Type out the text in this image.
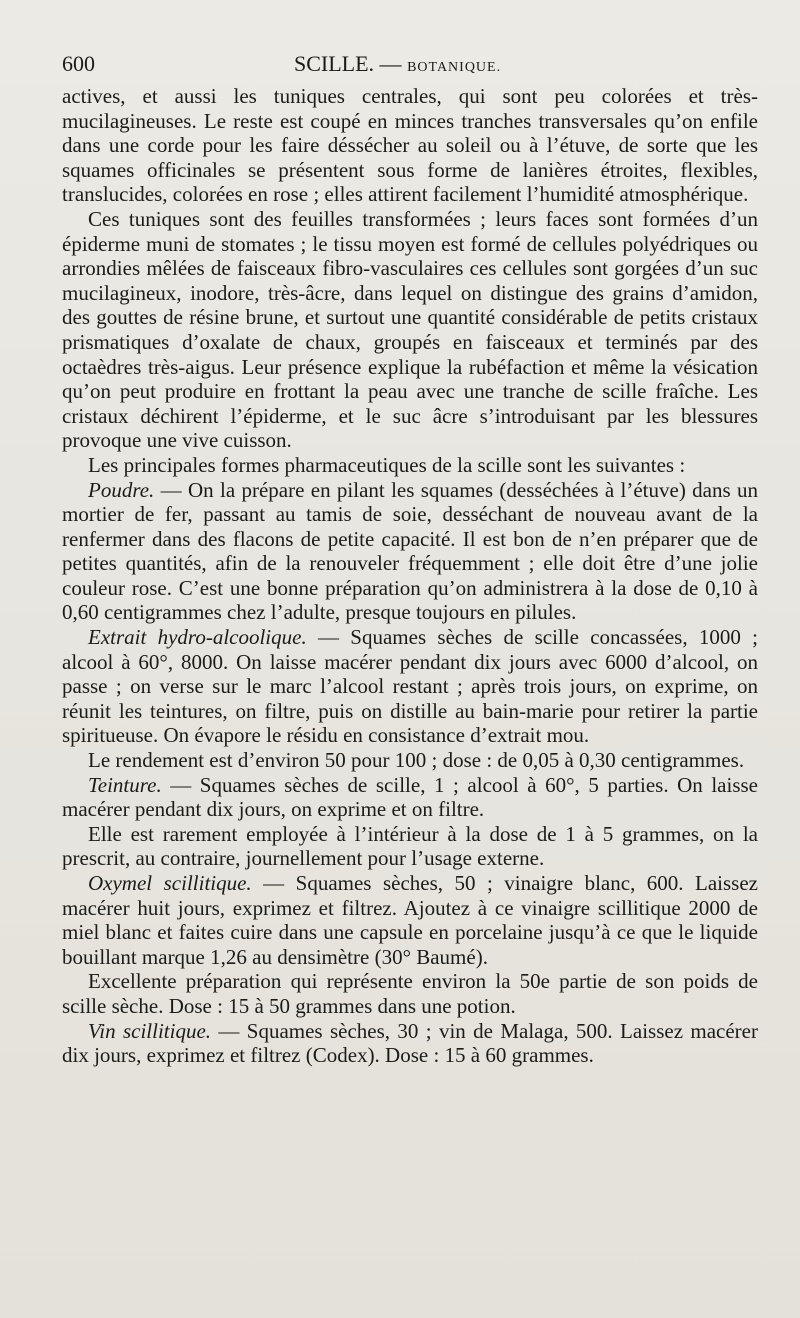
600	SCILLE. — BOTANIQUE.

actives, et aussi les tuniques centrales, qui sont peu colorées et très-mucilagineuses. Le reste est coupé en minces tranches transversales qu’on enfile dans une corde pour les faire déssécher au soleil ou à l’étuve, de sorte que les squames officinales se présentent sous forme de lanières étroites, flexibles, translucides, colorées en rose ; elles attirent facilement l’humidité atmosphérique.

Ces tuniques sont des feuilles transformées ; leurs faces sont formées d’un épiderme muni de stomates ; le tissu moyen est formé de cellules polyédriques ou arrondies mêlées de faisceaux fibro-vasculaires ces cellules sont gorgées d’un suc mucilagineux, inodore, très-âcre, dans lequel on distingue des grains d’amidon, des gouttes de résine brune, et surtout une quantité considérable de petits cristaux prismatiques d’oxalate de chaux, groupés en faisceaux et terminés par des octaèdres très-aigus. Leur présence explique la rubéfaction et même la vésication qu’on peut produire en frottant la peau avec une tranche de scille fraîche. Les cristaux déchirent l’épiderme, et le suc âcre s’introduisant par les blessures provoque une vive cuisson.

Les principales formes pharmaceutiques de la scille sont les suivantes :

Poudre. — On la prépare en pilant les squames (desséchées à l’étuve) dans un mortier de fer, passant au tamis de soie, desséchant de nouveau avant de la renfermer dans des flacons de petite capacité. Il est bon de n’en préparer que de petites quantités, afin de la renouveler fréquemment ; elle doit être d’une jolie couleur rose. C’est une bonne préparation qu’on administrera à la dose de 0,10 à 0,60 centigrammes chez l’adulte, presque toujours en pilules.

Extrait hydro-alcoolique. — Squames sèches de scille concassées, 1000 ; alcool à 60°, 8000. On laisse macérer pendant dix jours avec 6000 d’alcool, on passe ; on verse sur le marc l’alcool restant ; après trois jours, on exprime, on réunit les teintures, on filtre, puis on distille au bain-marie pour retirer la partie spiritueuse. On évapore le résidu en consistance d’extrait mou.

Le rendement est d’environ 50 pour 100 ; dose : de 0,05 à 0,30 centigrammes.

Teinture. — Squames sèches de scille, 1 ; alcool à 60°, 5 parties. On laisse macérer pendant dix jours, on exprime et on filtre.

Elle est rarement employée à l’intérieur à la dose de 1 à 5 grammes, on la prescrit, au contraire, journellement pour l’usage externe.

Oxymel scillitique. — Squames sèches, 50 ; vinaigre blanc, 600. Laissez macérer huit jours, exprimez et filtrez. Ajoutez à ce vinaigre scillitique 2000 de miel blanc et faites cuire dans une capsule en porcelaine jusqu’à ce que le liquide bouillant marque 1,26 au densimètre (30° Baumé).

Excellente préparation qui représente environ la 50e partie de son poids de scille sèche. Dose : 15 à 50 grammes dans une potion.

Vin scillitique. — Squames sèches, 30 ; vin de Malaga, 500. Laissez macérer dix jours, exprimez et filtrez (Codex). Dose : 15 à 60 grammes.
